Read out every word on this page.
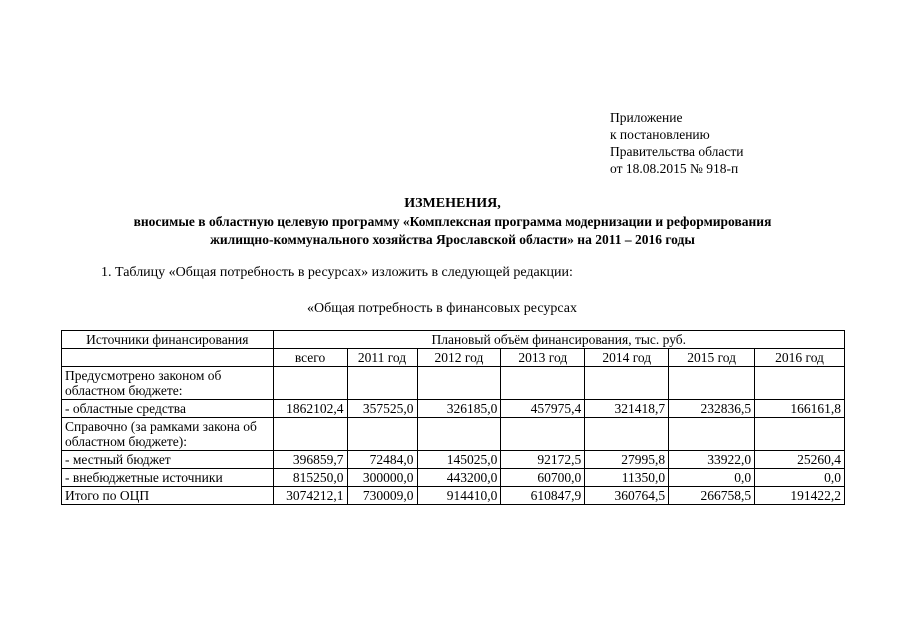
Приложение
к постановлению
Правительства области
от 18.08.2015 № 918-п
ИЗМЕНЕНИЯ,
вносимые в областную целевую программу «Комплексная программа модернизации и реформирования
жилищно-коммунального хозяйства Ярославской области» на 2011 – 2016 годы
1. Таблицу «Общая потребность в ресурсах» изложить в следующей редакции:
«Общая потребность в финансовых ресурсах
Источники финансирования	Плановый объём финансирования, тыс. руб.						
	всего	2011 год	2012 год	2013 год	2014 год	2015 год	2016 год
Предусмотрено законом об областном бюджете:							
- областные средства	1862102,4	357525,0	326185,0	457975,4	321418,7	232836,5	166161,8
Справочно (за рамками закона об областном бюджете):							
- местный бюджет	396859,7	72484,0	145025,0	92172,5	27995,8	33922,0	25260,4
- внебюджетные источники	815250,0	300000,0	443200,0	60700,0	11350,0	0,0	0,0
Итого по ОЦП	3074212,1	730009,0	914410,0	610847,9	360764,5	266758,5	191422,2
